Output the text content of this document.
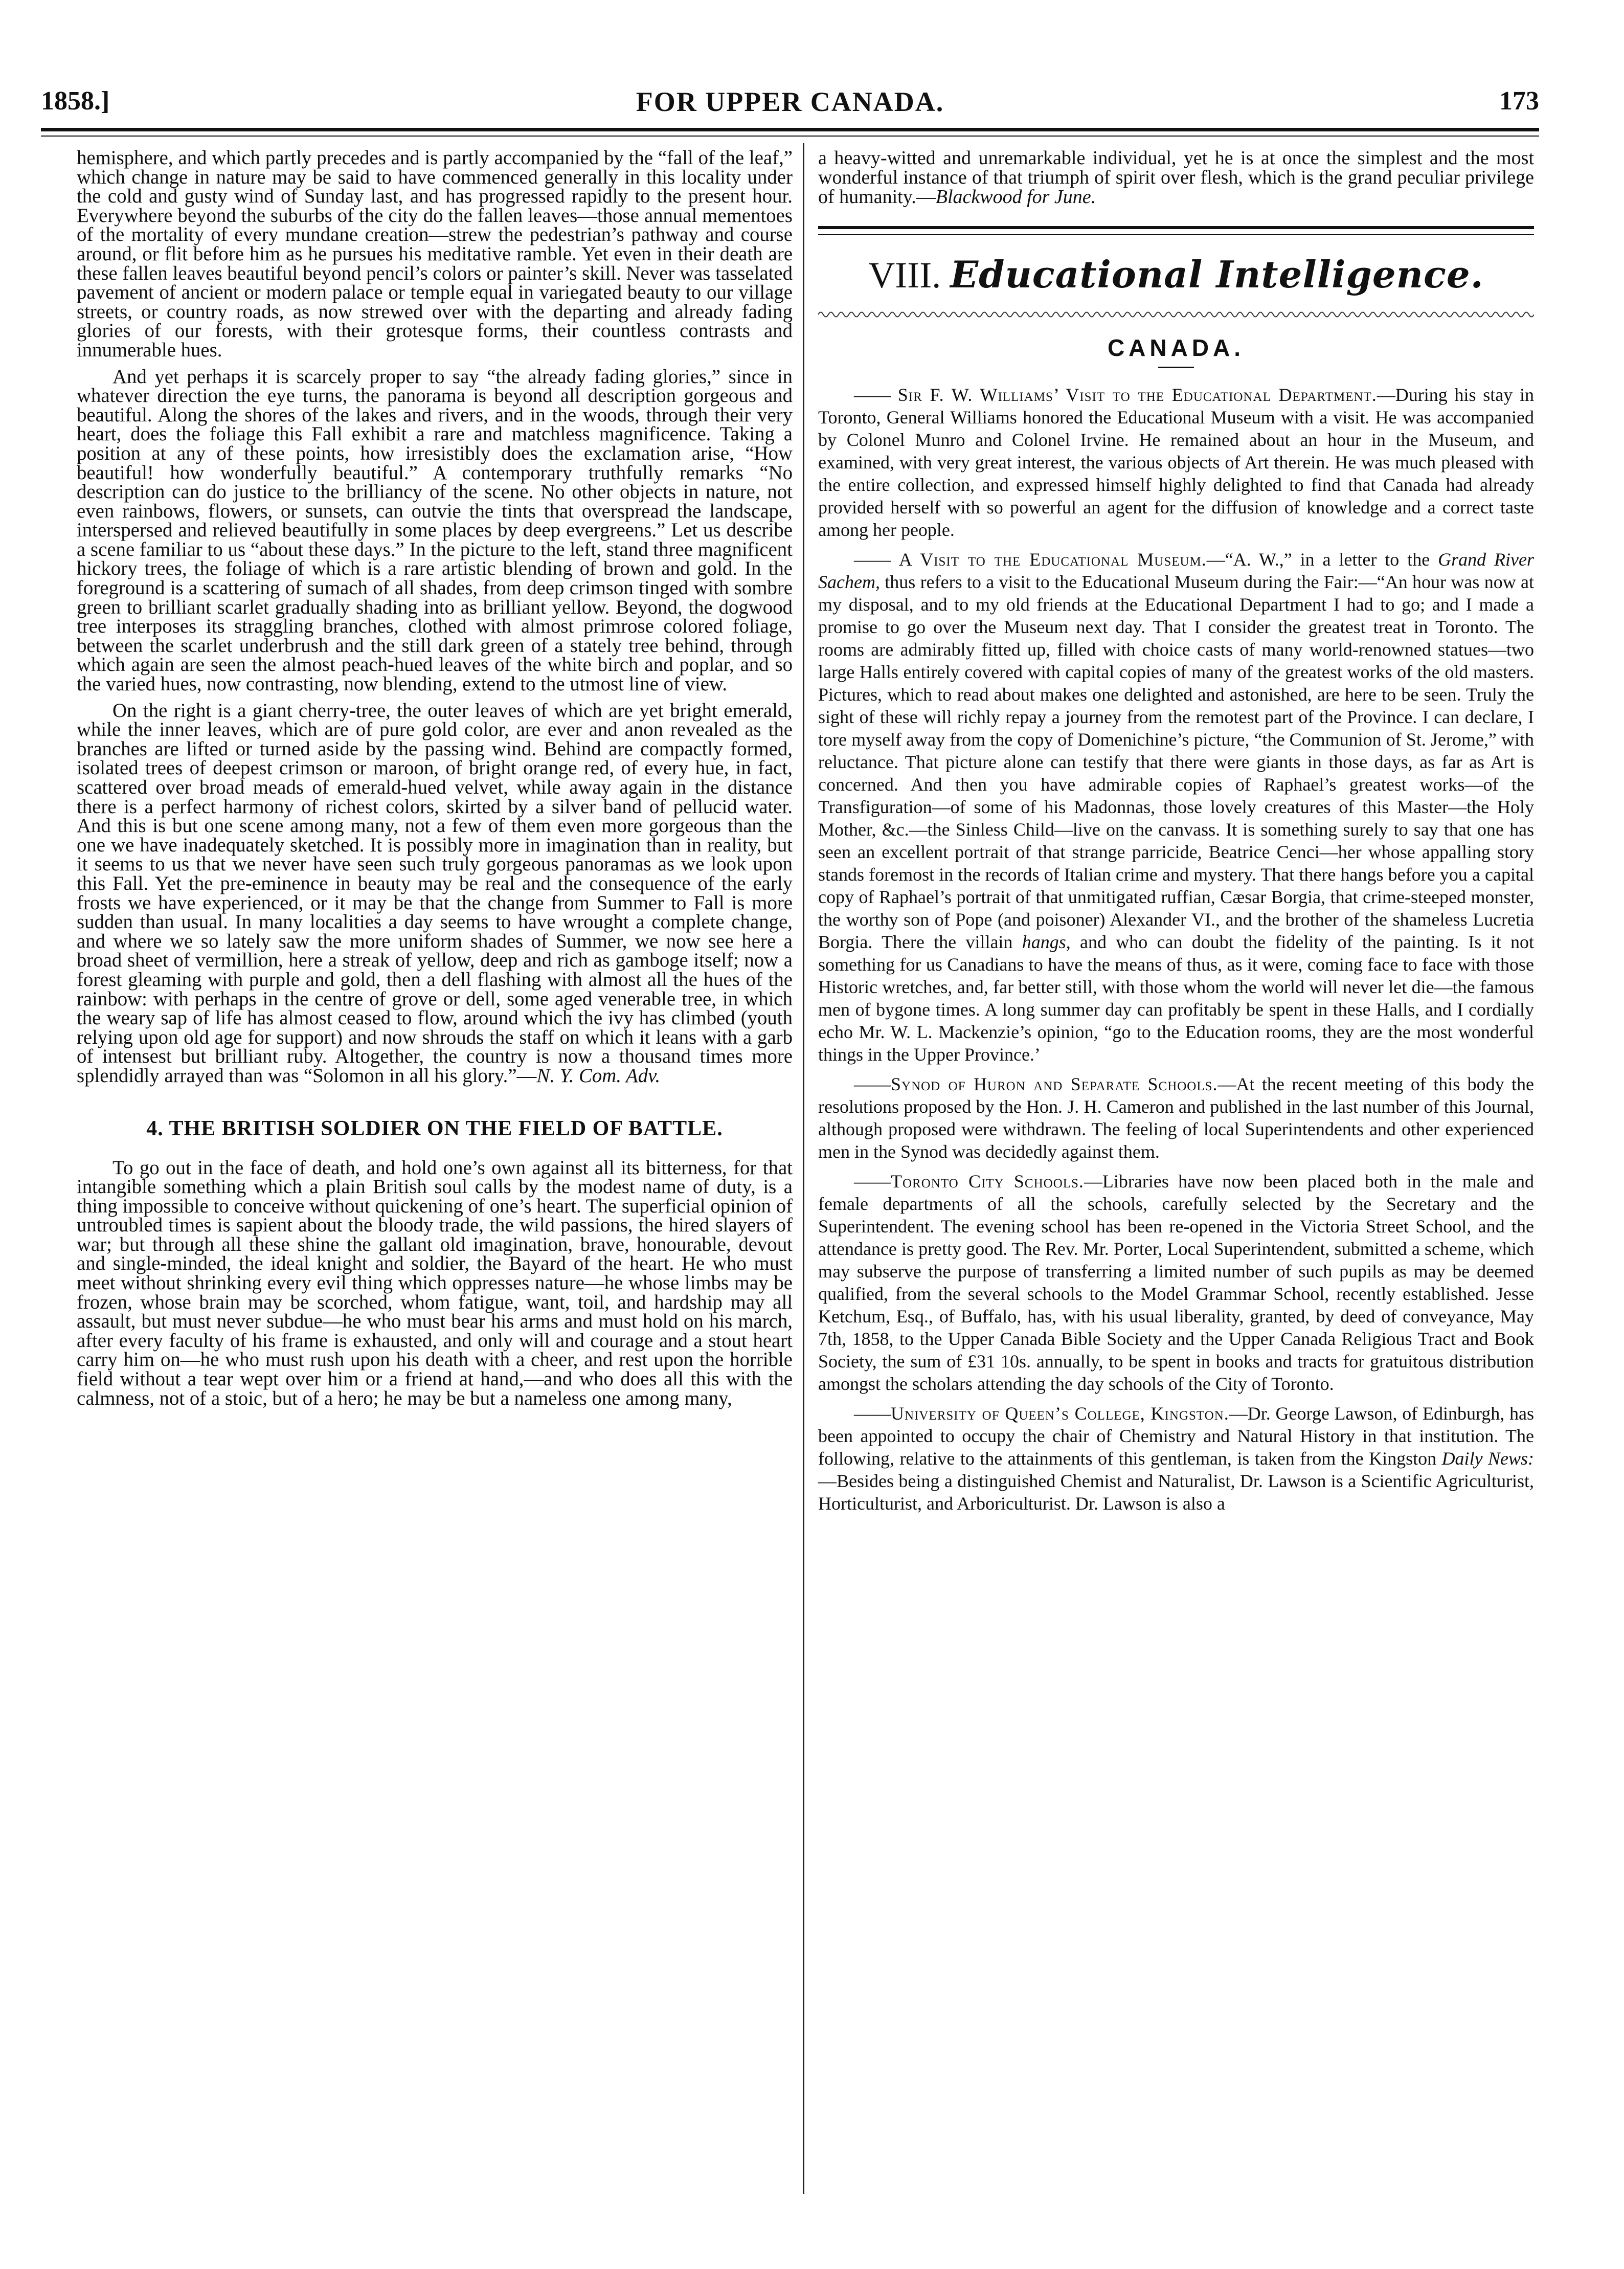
1858.]	FOR UPPER CANADA.	173

hemisphere, and which partly precedes and is partly accompanied by the “fall of the leaf,” which change in nature may be said to have commenced generally in this locality under the cold and gusty wind of Sunday last, and has progressed rapidly to the present hour. Everywhere beyond the suburbs of the city do the fallen leaves—those annual mementoes of the mortality of every mundane creation—strew the pedestrian’s pathway and course around, or flit before him as he pursues his meditative ramble. Yet even in their death are these fallen leaves beautiful beyond pencil’s colors or painter’s skill. Never was tasselated pavement of ancient or modern palace or temple equal in variegated beauty to our village streets, or country roads, as now strewed over with the departing and already fading glories of our forests, with their grotesque forms, their countless contrasts and innumerable hues.

And yet perhaps it is scarcely proper to say “the already fading glories,” since in whatever direction the eye turns, the panorama is beyond all description gorgeous and beautiful. Along the shores of the lakes and rivers, and in the woods, through their very heart, does the foliage this Fall exhibit a rare and matchless magnificence. Taking a position at any of these points, how irresistibly does the exclamation arise, “How beautiful! how wonderfully beautiful.” A contemporary truthfully remarks “No description can do justice to the brilliancy of the scene. No other objects in nature, not even rainbows, flowers, or sunsets, can outvie the tints that overspread the landscape, interspersed and relieved beautifully in some places by deep evergreens.” Let us describe a scene familiar to us “about these days.” In the picture to the left, stand three magnificent hickory trees, the foliage of which is a rare artistic blending of brown and gold. In the foreground is a scattering of sumach of all shades, from deep crimson tinged with sombre green to brilliant scarlet gradually shading into as brilliant yellow. Beyond, the dogwood tree interposes its straggling branches, clothed with almost primrose colored foliage, between the scarlet underbrush and the still dark green of a stately tree behind, through which again are seen the almost peach-hued leaves of the white birch and poplar, and so the varied hues, now contrasting, now blending, extend to the utmost line of view.

On the right is a giant cherry-tree, the outer leaves of which are yet bright emerald, while the inner leaves, which are of pure gold color, are ever and anon revealed as the branches are lifted or turned aside by the passing wind. Behind are compactly formed, isolated trees of deepest crimson or maroon, of bright orange red, of every hue, in fact, scattered over broad meads of emerald-hued velvet, while away again in the distance there is a perfect harmony of richest colors, skirted by a silver band of pellucid water. And this is but one scene among many, not a few of them even more gorgeous than the one we have inadequately sketched. It is possibly more in imagination than in reality, but it seems to us that we never have seen such truly gorgeous panoramas as we look upon this Fall. Yet the pre-eminence in beauty may be real and the consequence of the early frosts we have experienced, or it may be that the change from Summer to Fall is more sudden than usual. In many localities a day seems to have wrought a complete change, and where we so lately saw the more uniform shades of Summer, we now see here a broad sheet of vermillion, here a streak of yellow, deep and rich as gamboge itself; now a forest gleaming with purple and gold, then a dell flashing with almost all the hues of the rainbow: with perhaps in the centre of grove or dell, some aged venerable tree, in which the weary sap of life has almost ceased to flow, around which the ivy has climbed (youth relying upon old age for support) and now shrouds the staff on which it leans with a garb of intensest but brilliant ruby. Altogether, the country is now a thousand times more splendidly arrayed than was “Solomon in all his glory.”—N. Y. Com. Adv.

4. THE BRITISH SOLDIER ON THE FIELD OF BATTLE.

To go out in the face of death, and hold one’s own against all its bitterness, for that intangible something which a plain British soul calls by the modest name of duty, is a thing impossible to conceive without quickening of one’s heart. The superficial opinion of untroubled times is sapient about the bloody trade, the wild passions, the hired slayers of war; but through all these shine the gallant old imagination, brave, honourable, devout and single-minded, the ideal knight and soldier, the Bayard of the heart. He who must meet without shrinking every evil thing which oppresses nature—he whose limbs may be frozen, whose brain may be scorched, whom fatigue, want, toil, and hardship may all assault, but must never subdue—he who must bear his arms and must hold on his march, after every faculty of his frame is exhausted, and only will and courage and a stout heart carry him on—he who must rush upon his death with a cheer, and rest upon the horrible field without a tear wept over him or a friend at hand,—and who does all this with the calmness, not of a stoic, but of a hero; he may be but a nameless one among many,

a heavy-witted and unremarkable individual, yet he is at once the simplest and the most wonderful instance of that triumph of spirit over flesh, which is the grand peculiar privilege of humanity.—Blackwood for June.

VIII. Educational Intelligence.
CANADA.

—— Sir F. W. Williams’ Visit to the Educational Department.—During his stay in Toronto, General Williams honored the Educational Museum with a visit. He was accompanied by Colonel Munro and Colonel Irvine. He remained about an hour in the Museum, and examined, with very great interest, the various objects of Art therein. He was much pleased with the entire collection, and expressed himself highly delighted to find that Canada had already provided herself with so powerful an agent for the diffusion of knowledge and a correct taste among her people.

—— A Visit to the Educational Museum.—“A. W.,” in a letter to the Grand River Sachem, thus refers to a visit to the Educational Museum during the Fair:—“An hour was now at my disposal, and to my old friends at the Educational Department I had to go; and I made a promise to go over the Museum next day. That I consider the greatest treat in Toronto. The rooms are admirably fitted up, filled with choice casts of many world-renowned statues—two large Halls entirely covered with capital copies of many of the greatest works of the old masters. Pictures, which to read about makes one delighted and astonished, are here to be seen. Truly the sight of these will richly repay a journey from the remotest part of the Province. I can declare, I tore myself away from the copy of Domenichine’s picture, “the Communion of St. Jerome,” with reluctance. That picture alone can testify that there were giants in those days, as far as Art is concerned. And then you have admirable copies of Raphael’s greatest works—of the Transfiguration—of some of his Madonnas, those lovely creatures of this Master—the Holy Mother, &c.—the Sinless Child—live on the canvass. It is something surely to say that one has seen an excellent portrait of that strange parricide, Beatrice Cenci—her whose appalling story stands foremost in the records of Italian crime and mystery. That there hangs before you a capital copy of Raphael’s portrait of that unmitigated ruffian, Cæsar Borgia, that crime-steeped monster, the worthy son of Pope (and poisoner) Alexander VI., and the brother of the shameless Lucretia Borgia. There the villain hangs, and who can doubt the fidelity of the painting. Is it not something for us Canadians to have the means of thus, as it were, coming face to face with those Historic wretches, and, far better still, with those whom the world will never let die—the famous men of bygone times. A long summer day can profitably be spent in these Halls, and I cordially echo Mr. W. L. Mackenzie’s opinion, “go to the Education rooms, they are the most wonderful things in the Upper Province.’

——Synod of Huron and Separate Schools.—At the recent meeting of this body the resolutions proposed by the Hon. J. H. Cameron and published in the last number of this Journal, although proposed were withdrawn. The feeling of local Superintendents and other experienced men in the Synod was decidedly against them.

——Toronto City Schools.—Libraries have now been placed both in the male and female departments of all the schools, carefully selected by the Secretary and the Superintendent. The evening school has been re-opened in the Victoria Street School, and the attendance is pretty good. The Rev. Mr. Porter, Local Superintendent, submitted a scheme, which may subserve the purpose of transferring a limited number of such pupils as may be deemed qualified, from the several schools to the Model Grammar School, recently established. Jesse Ketchum, Esq., of Buffalo, has, with his usual liberality, granted, by deed of conveyance, May 7th, 1858, to the Upper Canada Bible Society and the Upper Canada Religious Tract and Book Society, the sum of £31 10s. annually, to be spent in books and tracts for gratuitous distribution amongst the scholars attending the day schools of the City of Toronto.

——University of Queen’s College, Kingston.—Dr. George Lawson, of Edinburgh, has been appointed to occupy the chair of Chemistry and Natural History in that institution. The following, relative to the attainments of this gentleman, is taken from the Kingston Daily News:—Besides being a distinguished Chemist and Naturalist, Dr. Lawson is a Scientific Agriculturist, Horticulturist, and Arboriculturist. Dr. Lawson is also a
